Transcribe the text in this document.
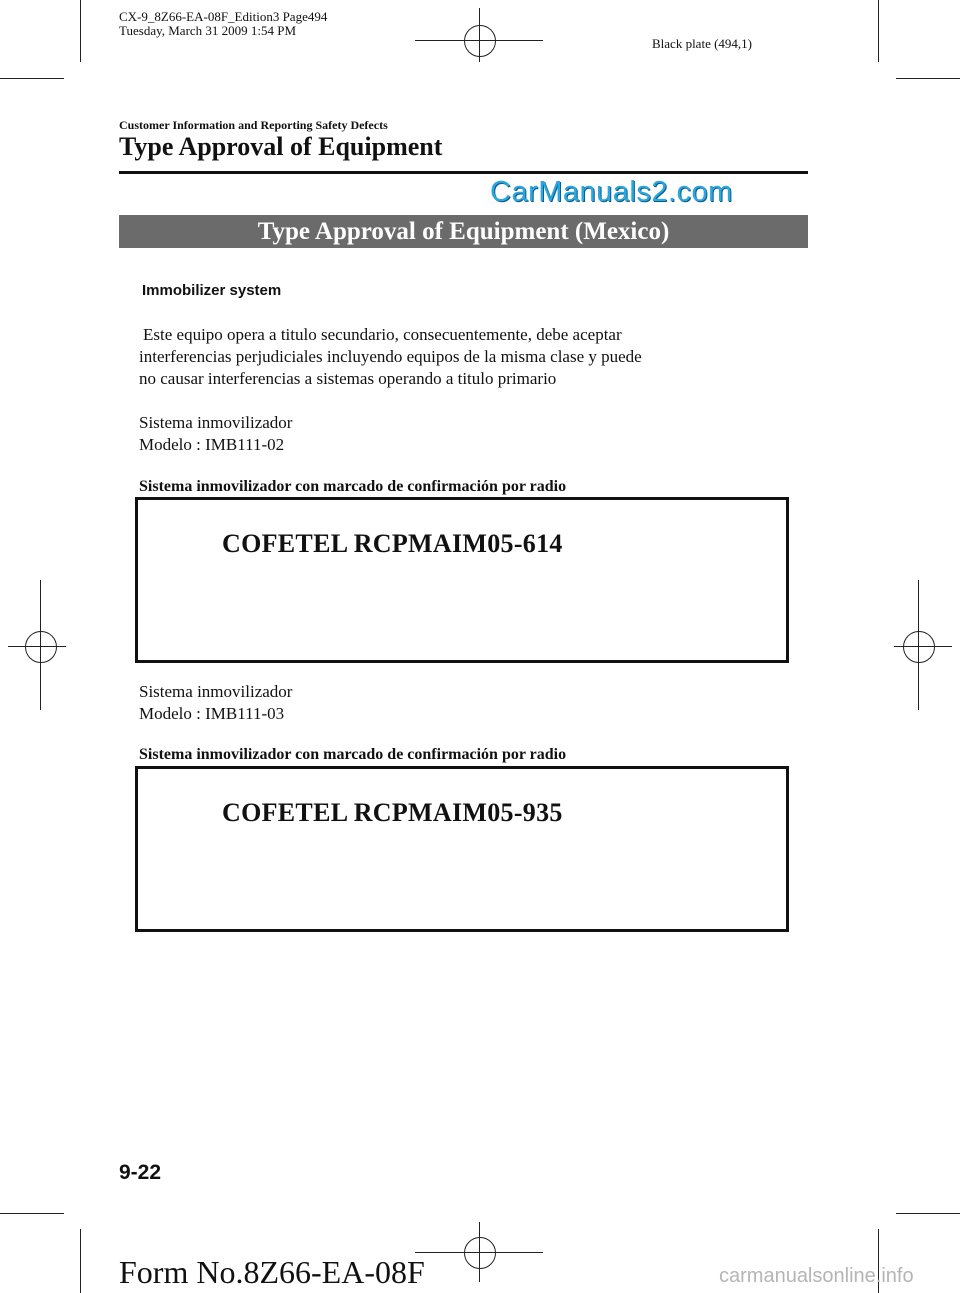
CX-9_8Z66-EA-08F_Edition3 Page494
Tuesday, March 31 2009 1:54 PM
Black plate (494,1)
Customer Information and Reporting Safety Defects
Type Approval of Equipment
CarManuals2.com
Type Approval of Equipment (Mexico)
Immobilizer system
Este equipo opera a titulo secundario, consecuentemente, debe aceptar
interferencias perjudiciales incluyendo equipos de la misma clase y puede
no causar interferencias a sistemas operando a titulo primario
Sistema inmovilizador
Modelo : IMB111-02
Sistema inmovilizador con marcado de confirmación por radio
COFETEL RCPMAIM05-614
Sistema inmovilizador
Modelo : IMB111-03
Sistema inmovilizador con marcado de confirmación por radio
COFETEL RCPMAIM05-935
9-22
Form No.8Z66-EA-08F	carmanualsonline.info
